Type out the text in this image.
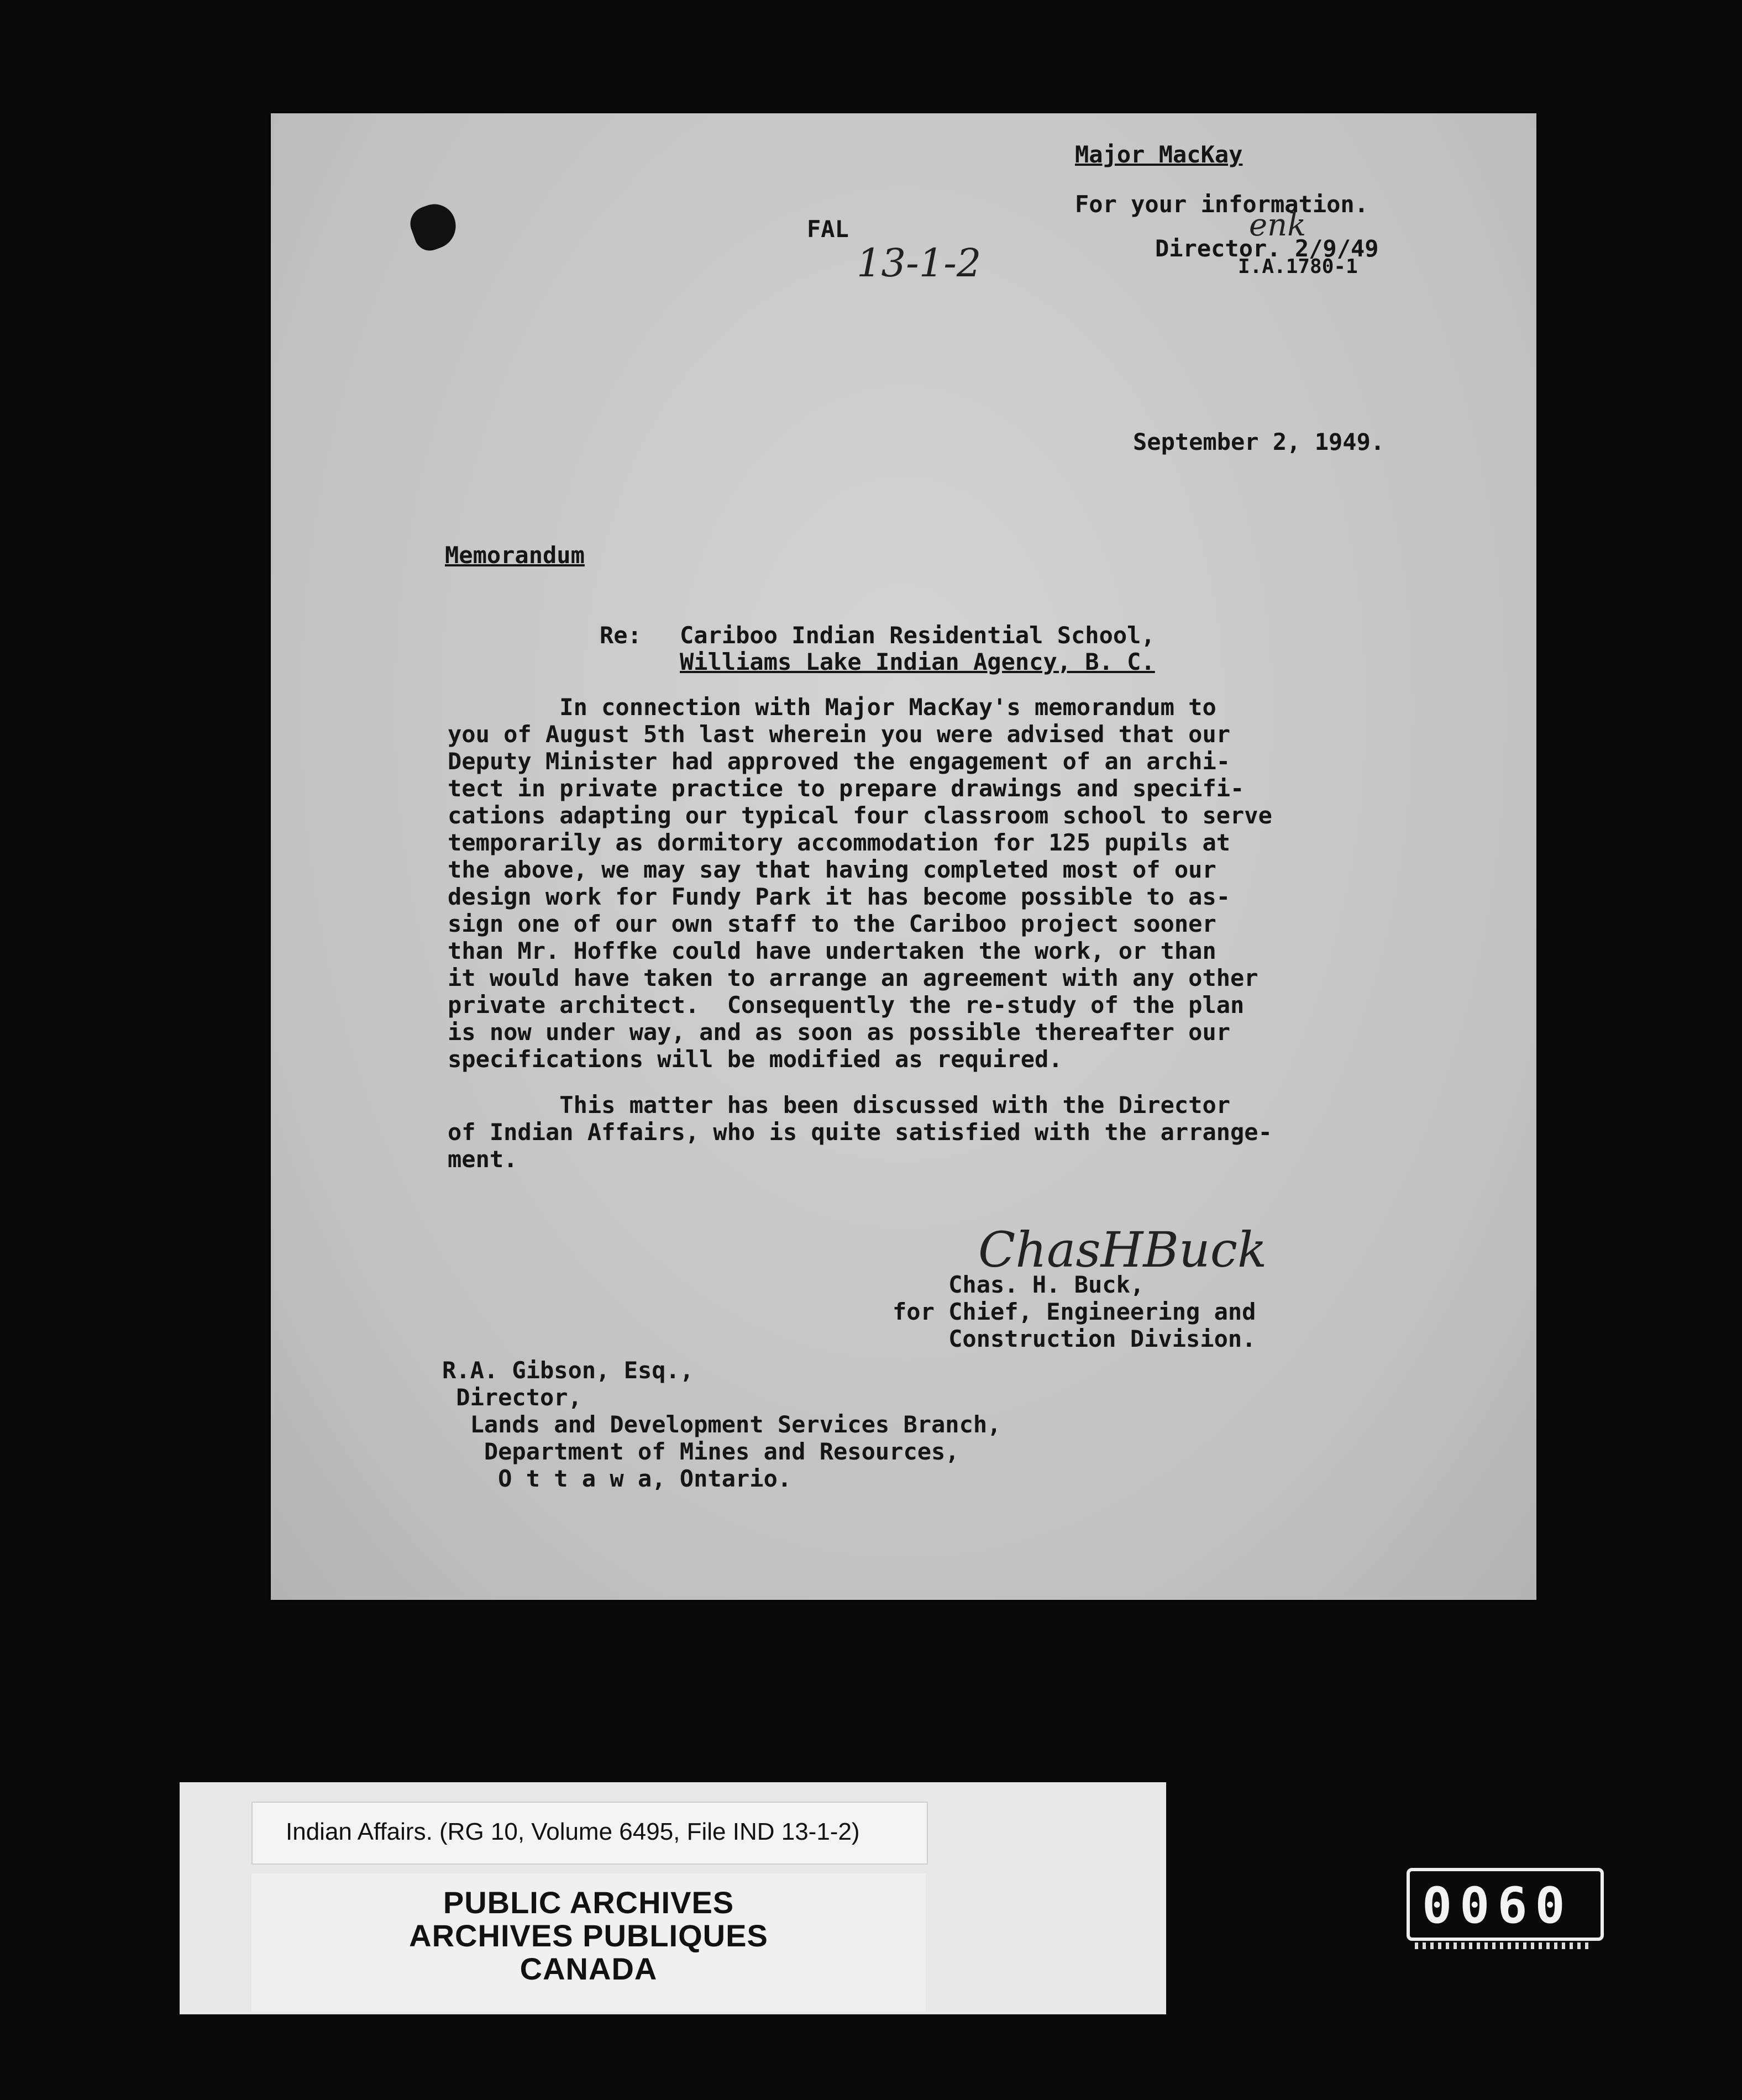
Major MacKay
For your information.
enk
Director. 2/9/49
I.A.1780-1
FAL
13-1-2
September 2, 1949.
Memorandum
Re: Cariboo Indian Residential School,
Williams Lake Indian Agency, B. C.
In connection with Major MacKay's memorandum to
you of August 5th last wherein you were advised that our
Deputy Minister had approved the engagement of an archi-
tect in private practice to prepare drawings and specifi-
cations adapting our typical four classroom school to serve
temporarily as dormitory accommodation for 125 pupils at
the above, we may say that having completed most of our
design work for Fundy Park it has become possible to as-
sign one of our own staff to the Cariboo project sooner
than Mr. Hoffke could have undertaken the work, or than
it would have taken to arrange an agreement with any other
private architect.  Consequently the re-study of the plan
is now under way, and as soon as possible thereafter our
specifications will be modified as required.
This matter has been discussed with the Director
of Indian Affairs, who is quite satisfied with the arrange-
ment.
ChasHBuck
Chas. H. Buck,
for Chief, Engineering and
Construction Division.
R.A. Gibson, Esq.,
Director,
Lands and Development Services Branch,
Department of Mines and Resources,
O t t a w a, Ontario.
Indian Affairs. (RG 10, Volume 6495, File IND 13-1-2)
PUBLIC ARCHIVES
ARCHIVES PUBLIQUES
CANADA
0060
